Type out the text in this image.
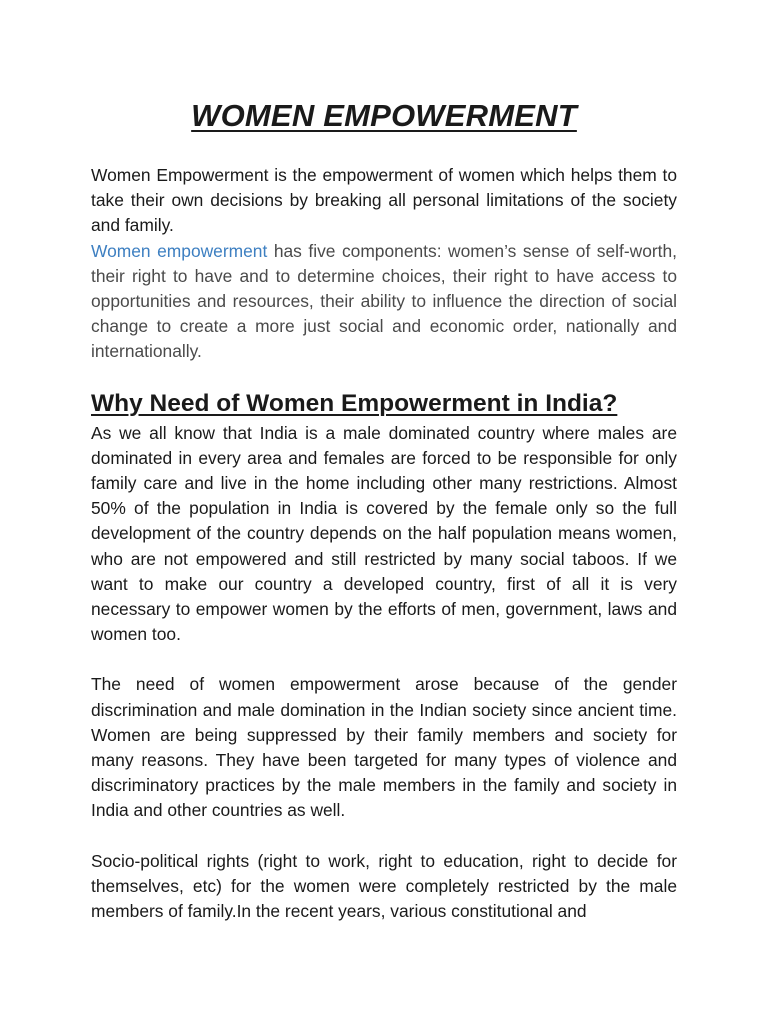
WOMEN EMPOWERMENT

Women Empowerment is the empowerment of women which helps them to take their own decisions by breaking all personal limitations of the society and family.

Women empowerment has five components: women’s sense of self-worth, their right to have and to determine choices, their right to have access to opportunities and resources, their ability to influence the direction of social change to create a more just social and economic order, nationally and internationally.

Why Need of Women Empowerment in India?

As we all know that India is a male dominated country where males are dominated in every area and females are forced to be responsible for only family care and live in the home including other many restrictions. Almost 50% of the population in India is covered by the female only so the full development of the country depends on the half population means women, who are not empowered and still restricted by many social taboos. If we want to make our country a developed country, first of all it is very necessary to empower women by the efforts of men, government, laws and women too.

The need of women empowerment arose because of the gender discrimination and male domination in the Indian society since ancient time. Women are being suppressed by their family members and society for many reasons. They have been targeted for many types of violence and discriminatory practices by the male members in the family and society in India and other countries as well.

Socio-political rights (right to work, right to education, right to decide for themselves, etc) for the women were completely restricted by the male members of family.In the recent years, various constitutional and
